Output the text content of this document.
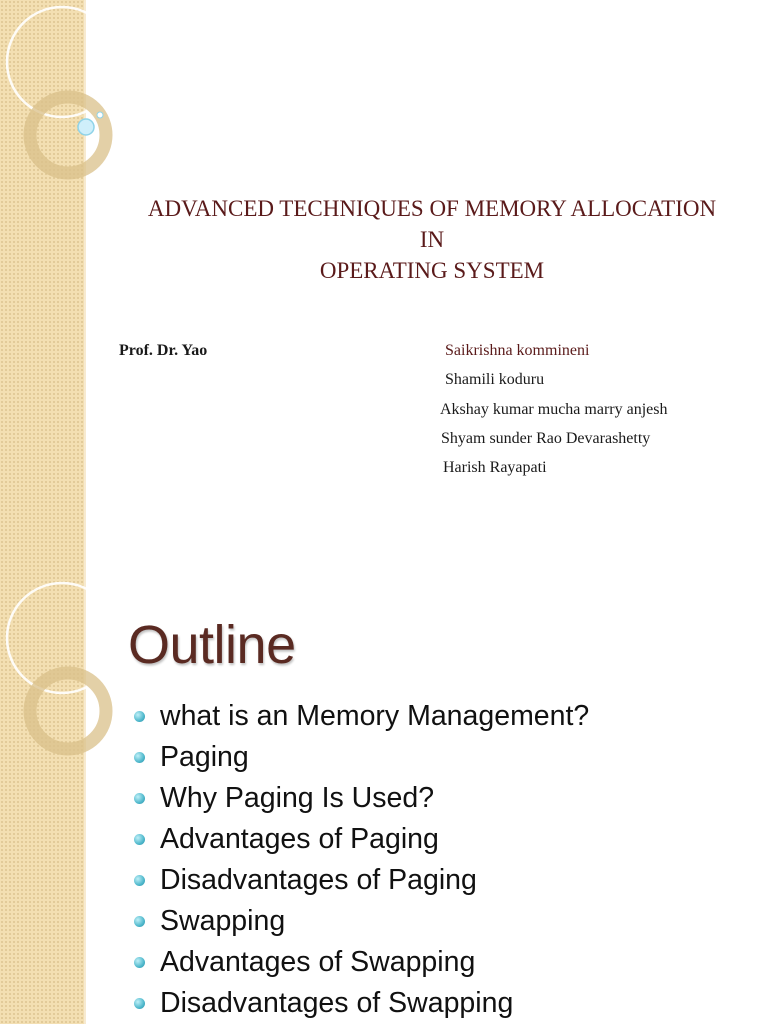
ADVANCED TECHNIQUES OF MEMORY ALLOCATION
IN
OPERATING SYSTEM
Prof. Dr. Yao	Saikrishna kommineni
Shamili koduru
Akshay kumar mucha marry anjesh
Shyam sunder Rao Devarashetty
Harish Rayapati
Outline
what is an Memory Management?
Paging
Why Paging Is Used?
Advantages of Paging
Disadvantages of Paging
Swapping
Advantages of Swapping
Disadvantages of Swapping
